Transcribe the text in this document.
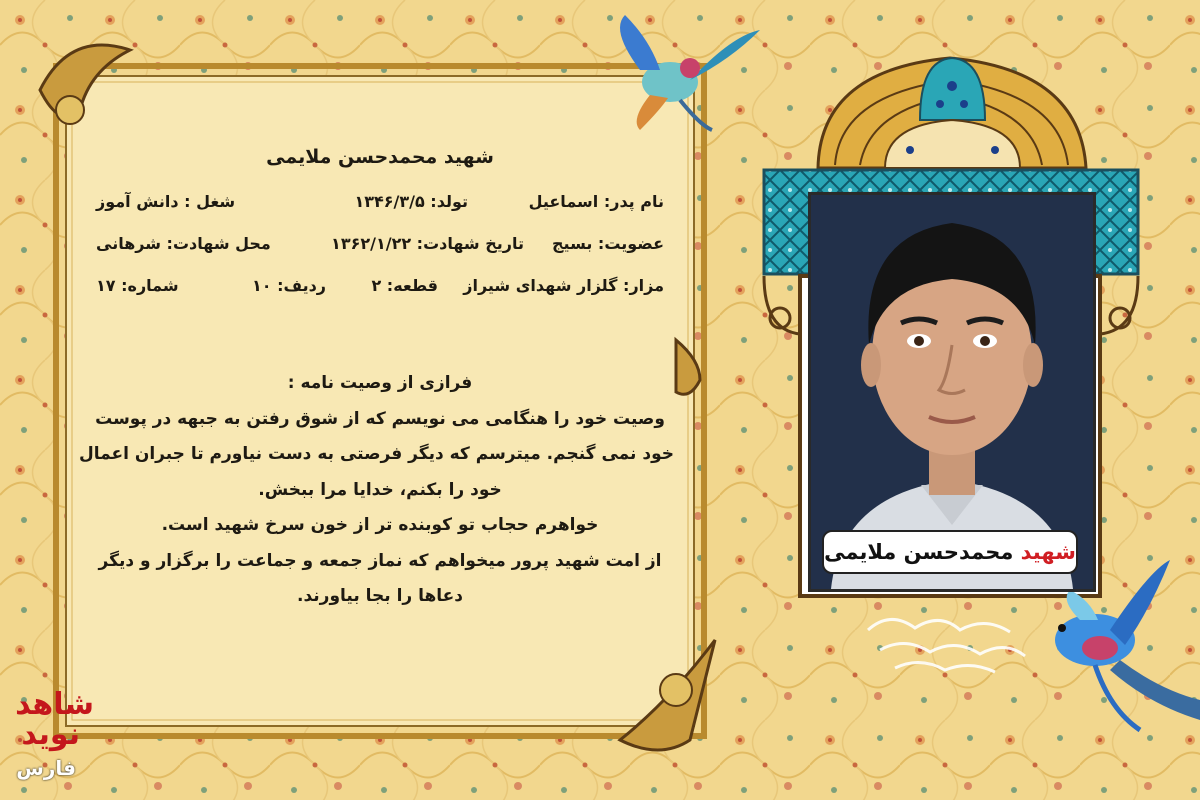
شهید محمدحسن ملایمی
نام پدر: اسماعیل
تولد: ۱۳۴۶/۳/۵
شغل : دانش آموز
عضویت: بسیج
تاریخ شهادت: ۱۳۶۲/۱/۲۲
محل شهادت: شرهانی
مزار: گلزار شهدای شیراز
قطعه: ۲
ردیف: ۱۰
شماره: ۱۷
فرازی از وصیت نامه :
وصیت خود را هنگامی می نویسم که از شوق رفتن به جبهه در پوست
خود نمی گنجم. میترسم که دیگر فرصتی به دست نیاورم تا جبران اعمال
خود را بکنم، خدایا مرا ببخش.
خواهرم حجاب تو کوبنده تر از خون سرخ شهید است.
از امت شهید پرور میخواهم که نماز جمعه و جماعت را برگزار و دیگر
دعاها را بجا بیاورند.
شهید محمدحسن ملایمی
شاهد
نوید
فارس
